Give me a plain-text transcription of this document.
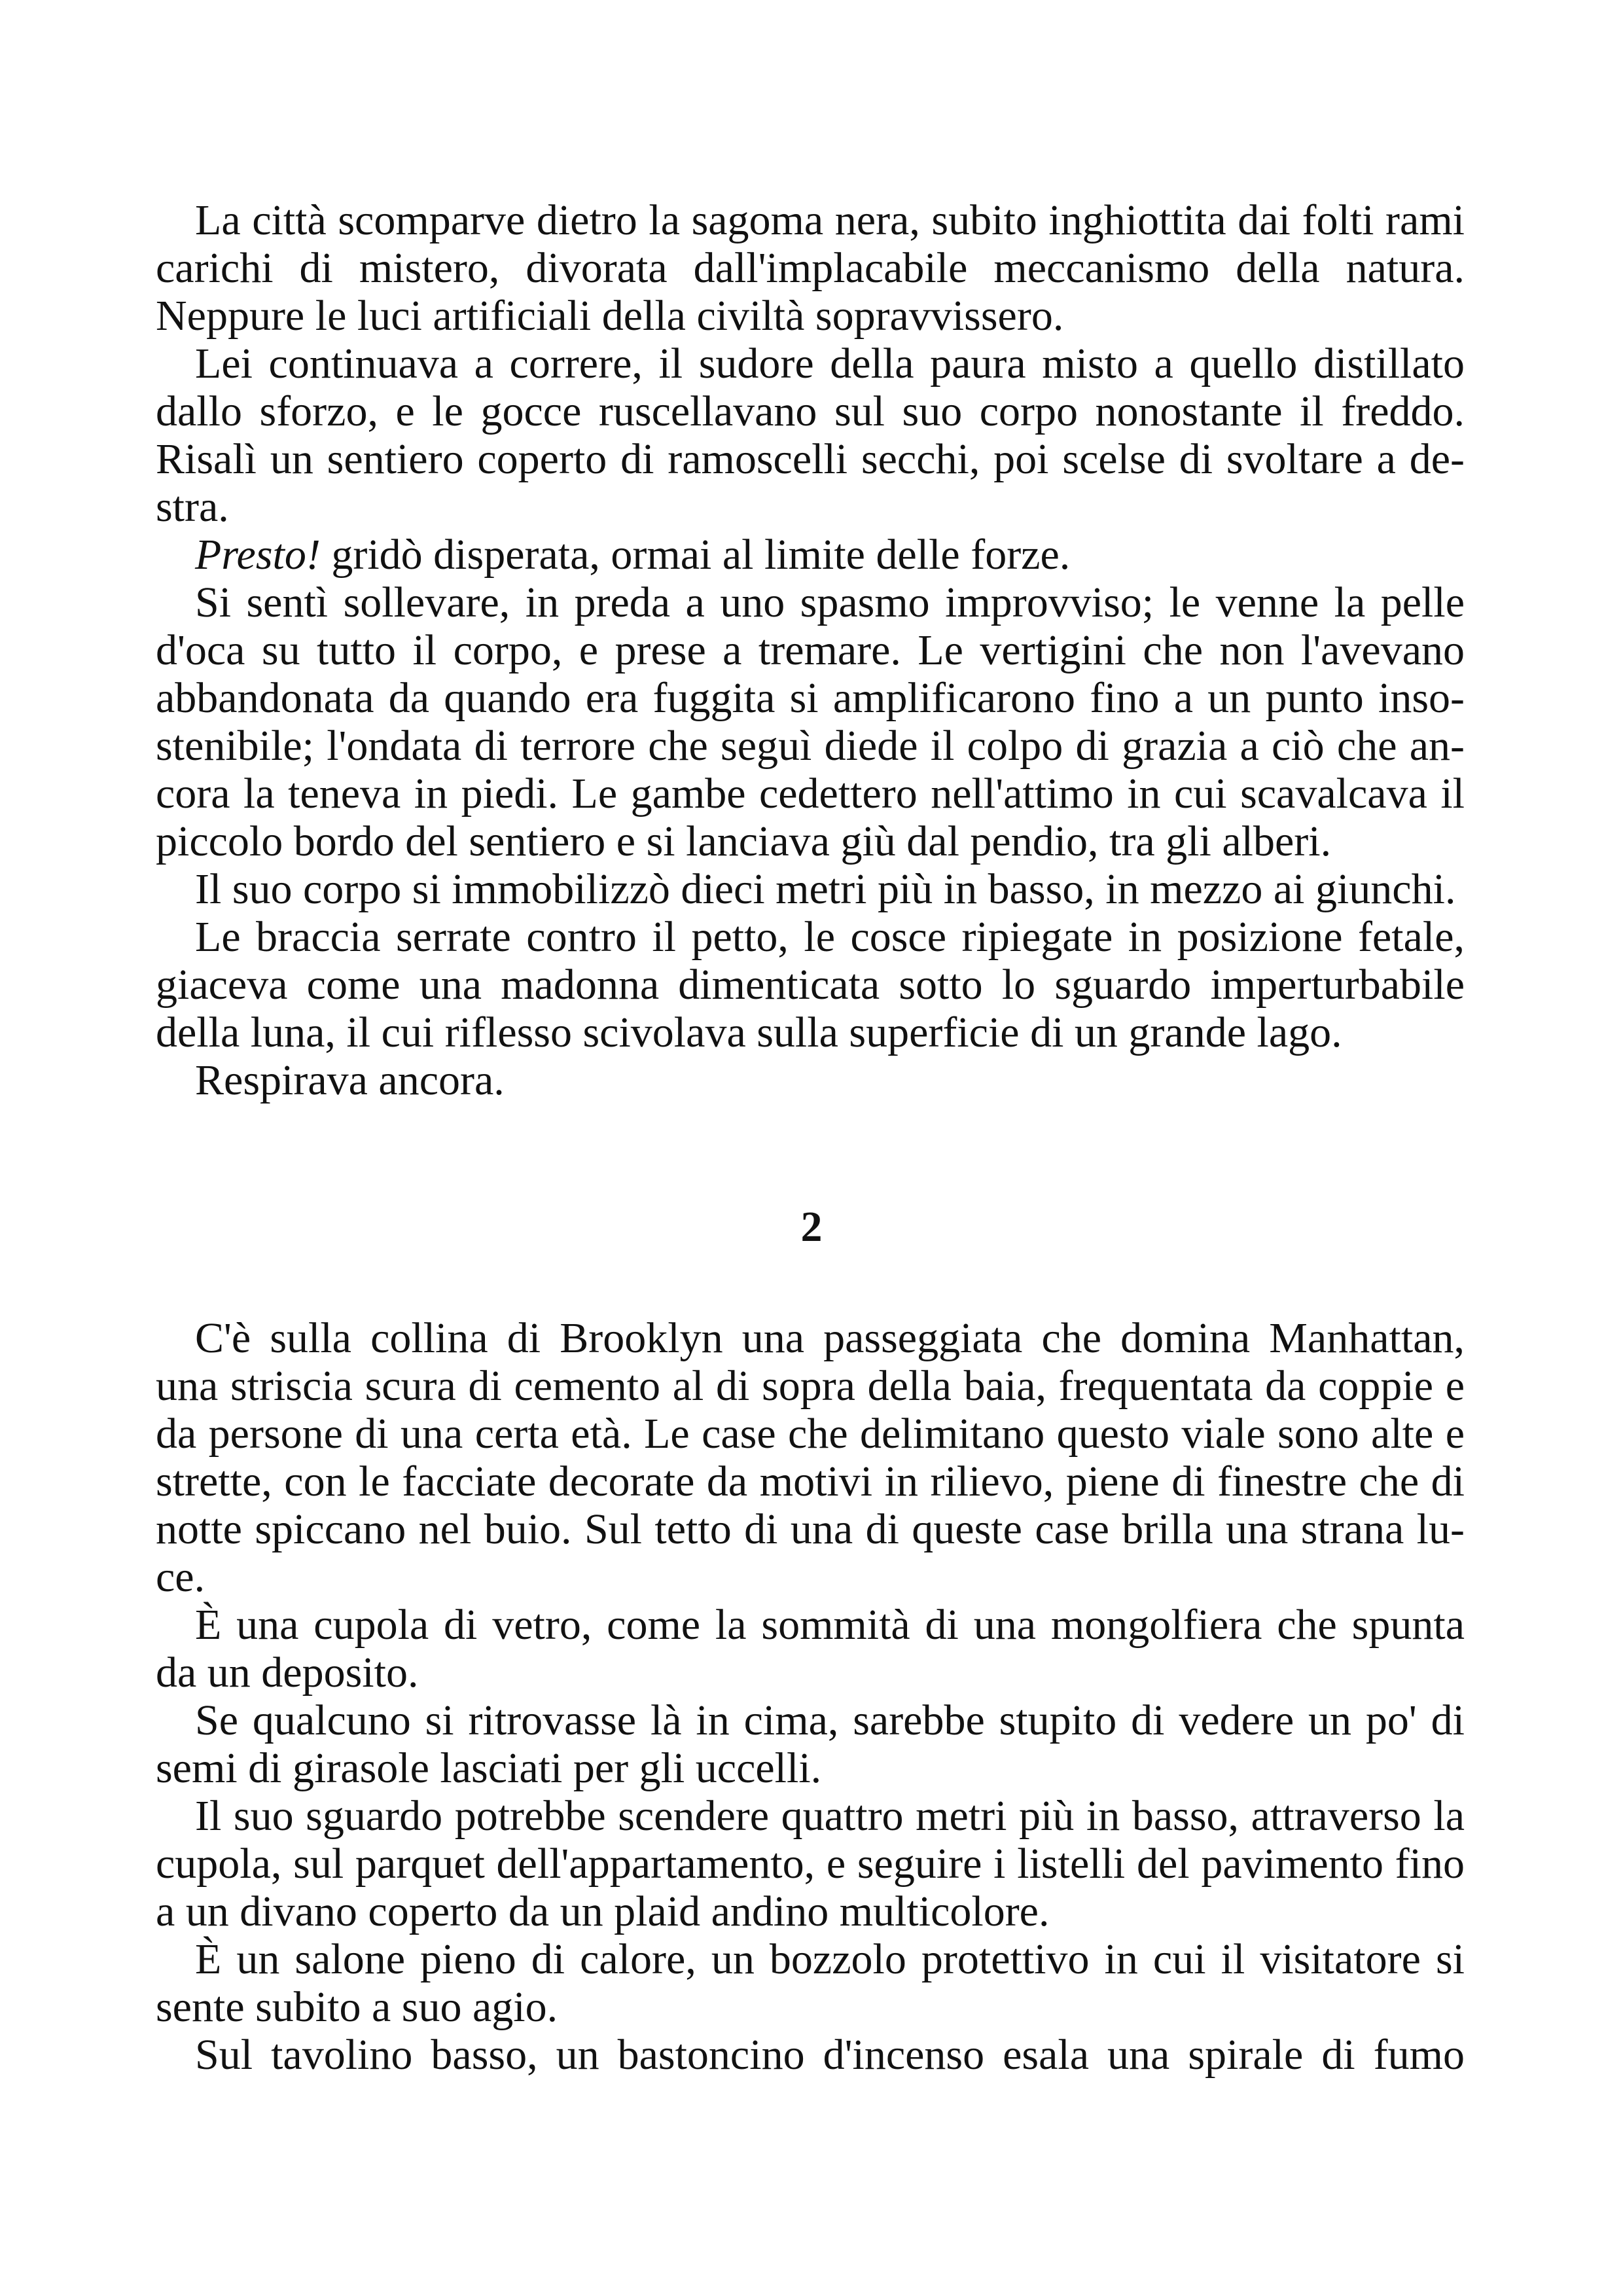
La città scomparve dietro la sagoma nera, subito inghiottita dai folti rami
carichi di mistero, divorata dall'implacabile meccanismo della natura.
Neppure le luci artificiali della civiltà sopravvissero.
Lei continuava a correre, il sudore della paura misto a quello distillato
dallo sforzo, e le gocce ruscellavano sul suo corpo nonostante il freddo.
Risalì un sentiero coperto di ramoscelli secchi, poi scelse di svoltare a de-
stra.
Presto! gridò disperata, ormai al limite delle forze.
Si sentì sollevare, in preda a uno spasmo improvviso; le venne la pelle
d'oca su tutto il corpo, e prese a tremare. Le vertigini che non l'avevano
abbandonata da quando era fuggita si amplificarono fino a un punto inso-
stenibile; l'ondata di terrore che seguì diede il colpo di grazia a ciò che an-
cora la teneva in piedi. Le gambe cedettero nell'attimo in cui scavalcava il
piccolo bordo del sentiero e si lanciava giù dal pendio, tra gli alberi.
Il suo corpo si immobilizzò dieci metri più in basso, in mezzo ai giunchi.
Le braccia serrate contro il petto, le cosce ripiegate in posizione fetale,
giaceva come una madonna dimenticata sotto lo sguardo imperturbabile
della luna, il cui riflesso scivolava sulla superficie di un grande lago.
Respirava ancora.
2
C'è sulla collina di Brooklyn una passeggiata che domina Manhattan,
una striscia scura di cemento al di sopra della baia, frequentata da coppie e
da persone di una certa età. Le case che delimitano questo viale sono alte e
strette, con le facciate decorate da motivi in rilievo, piene di finestre che di
notte spiccano nel buio. Sul tetto di una di queste case brilla una strana lu-
ce.
È una cupola di vetro, come la sommità di una mongolfiera che spunta
da un deposito.
Se qualcuno si ritrovasse là in cima, sarebbe stupito di vedere un po' di
semi di girasole lasciati per gli uccelli.
Il suo sguardo potrebbe scendere quattro metri più in basso, attraverso la
cupola, sul parquet dell'appartamento, e seguire i listelli del pavimento fino
a un divano coperto da un plaid andino multicolore.
È un salone pieno di calore, un bozzolo protettivo in cui il visitatore si
sente subito a suo agio.
Sul tavolino basso, un bastoncino d'incenso esala una spirale di fumo
